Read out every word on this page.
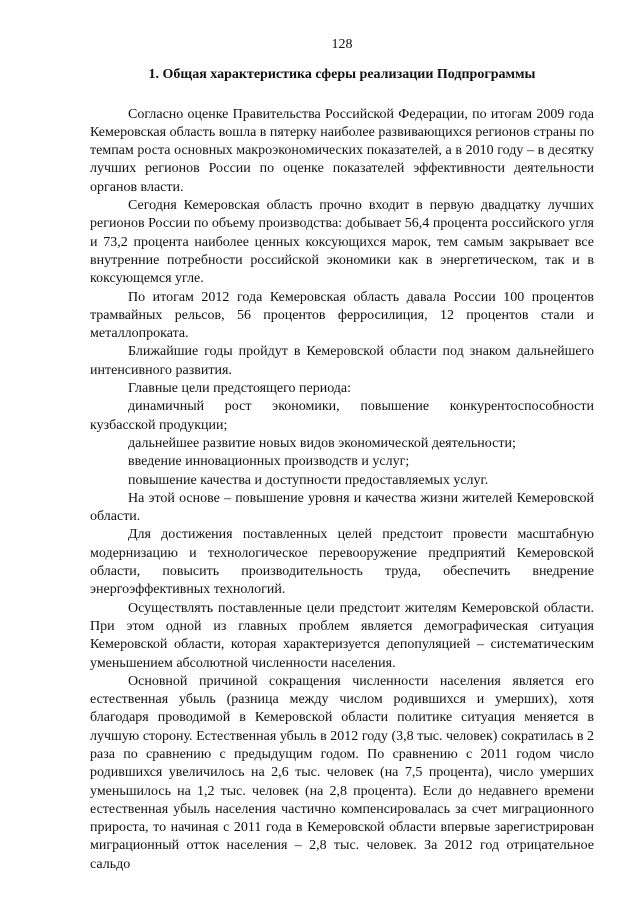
128
1. Общая характеристика сферы реализации Подпрограммы

Согласно оценке Правительства Российской Федерации, по итогам 2009 года Кемеровская область вошла в пятерку наиболее развивающихся регионов страны по темпам роста основных макроэкономических показателей, а в 2010 году – в десятку лучших регионов России по оценке показателей эффективности деятельности органов власти.

Сегодня Кемеровская область прочно входит в первую двадцатку лучших регионов России по объему производства: добывает 56,4 процента российского угля и 73,2 процента наиболее ценных коксующихся марок, тем самым закрывает все внутренние потребности российской экономики как в энергетическом, так и в коксующемся угле.

По итогам 2012 года Кемеровская область давала России 100 процентов трамвайных рельсов, 56 процентов ферросилиция, 12 процентов стали и металлопроката.

Ближайшие годы пройдут в Кемеровской области под знаком дальнейшего интенсивного развития.

Главные цели предстоящего периода:

динамичный рост экономики, повышение конкурентоспособности кузбасской продукции;

дальнейшее развитие новых видов экономической деятельности;

введение инновационных производств и услуг;

повышение качества и доступности предоставляемых услуг.

На этой основе – повышение уровня и качества жизни жителей Кемеровской области.

Для достижения поставленных целей предстоит провести масштабную модернизацию и технологическое перевооружение предприятий Кемеровской области, повысить производительность труда, обеспечить внедрение энергоэффективных технологий.

Осуществлять поставленные цели предстоит жителям Кемеровской области. При этом одной из главных проблем является демографическая ситуация Кемеровской области, которая характеризуется депопуляцией – систематическим уменьшением абсолютной численности населения.

Основной причиной сокращения численности населения является его естественная убыль (разница между числом родившихся и умерших), хотя благодаря проводимой в Кемеровской области политике ситуация меняется в лучшую сторону. Естественная убыль в 2012 году (3,8 тыс. человек) сократилась в 2 раза по сравнению с предыдущим годом. По сравнению с 2011 годом число родившихся увеличилось на 2,6 тыс. человек (на 7,5 процента), число умерших уменьшилось на 1,2 тыс. человек (на 2,8 процента). Если до недавнего времени естественная убыль населения частично компенсировалась за счет миграционного прироста, то начиная с 2011 года в Кемеровской области впервые зарегистрирован миграционный отток населения – 2,8 тыс. человек. За 2012 год отрицательное сальдо
